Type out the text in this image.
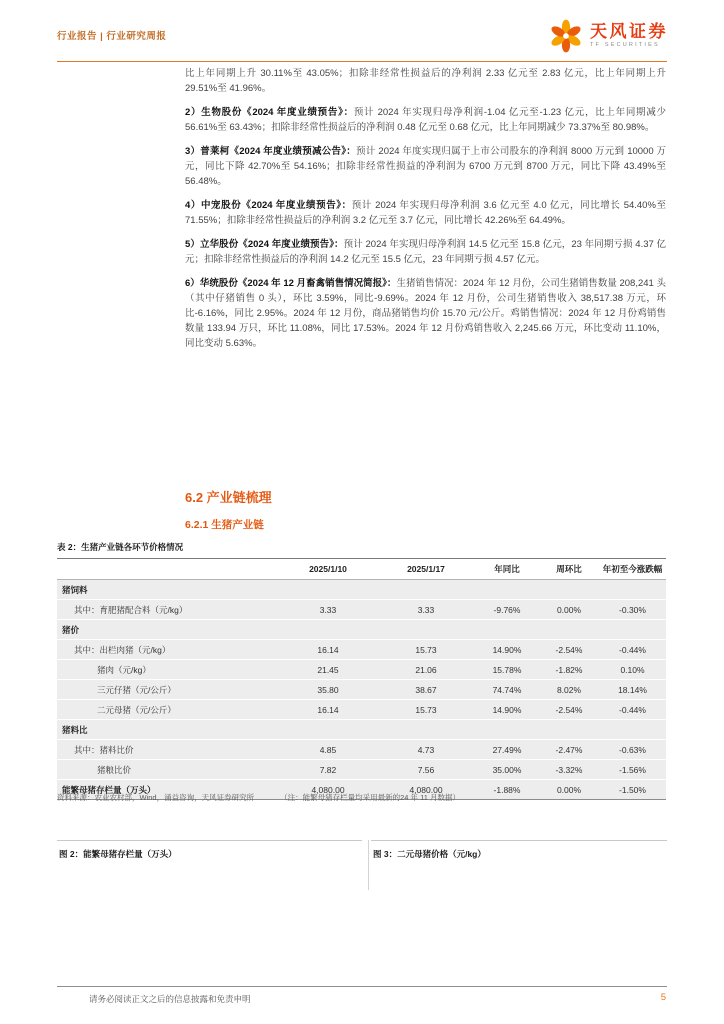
行业报告 | 行业研究周报	天风证券
TF SECURITIES

比上年同期上升 30.11%至 43.05%；扣除非经常性损益后的净利润 2.33 亿元至 2.83 亿元，比上年同期上升 29.51%至 41.96%。

2）生物股份《2024 年度业绩预告》：预计 2024 年实现归母净利润-1.04 亿元至-1.23 亿元，比上年同期减少 56.61%至 63.43%；扣除非经常性损益后的净利润 0.48 亿元至 0.68 亿元，比上年同期减少 73.37%至 80.98%。

3）普莱柯《2024 年度业绩预减公告》：预计 2024 年度实现归属于上市公司股东的净利润 8000 万元到 10000 万元，同比下降 42.70%至 54.16%；扣除非经常性损益的净利润为 6700 万元到 8700 万元，同比下降 43.49%至 56.48%。

4）中宠股份《2024 年度业绩预告》：预计 2024 年实现归母净利润 3.6 亿元至 4.0 亿元，同比增长 54.40%至 71.55%；扣除非经常性损益后的净利润 3.2 亿元至 3.7 亿元，同比增长 42.26%至 64.49%。

5）立华股份《2024 年度业绩预告》：预计 2024 年实现归母净利润 14.5 亿元至 15.8 亿元，23 年同期亏损 4.37 亿元；扣除非经常性损益后的净利润 14.2 亿元至 15.5 亿元，23 年同期亏损 4.57 亿元。

6）华统股份《2024 年 12 月畜禽销售情况简报》：生猪销售情况：2024 年 12 月份，公司生猪销售数量 208,241 头（其中仔猪销售 0 头），环比 3.59%，同比-9.69%。2024 年 12 月份，公司生猪销售收入 38,517.38 万元，环比-6.16%，同比 2.95%。2024 年 12 月份，商品猪销售均价 15.70 元/公斤。鸡销售情况：2024 年 12 月份鸡销售数量 133.94 万只，环比 11.08%，同比 17.53%。2024 年 12 月份鸡销售收入 2,245.66 万元，环比变动 11.10%，同比变动 5.63%。

6.2 产业链梳理
6.2.1 生猪产业链
表 2：生猪产业链各环节价格情况
	2025/1/10	2025/1/17	年同比	周环比	年初至今涨跌幅
猪饲料					
其中：育肥猪配合料（元/kg）	3.33	3.33	-9.76%	0.00%	-0.30%
猪价					
其中：出栏肉猪（元/kg）	16.14	15.73	14.90%	-2.54%	-0.44%
猪肉（元/kg）	21.45	21.06	15.78%	-1.82%	0.10%
三元仔猪（元/公斤）	35.80	38.67	74.74%	8.02%	18.14%
二元母猪（元/公斤）	16.14	15.73	14.90%	-2.54%	-0.44%
猪料比					
其中：猪料比价	4.85	4.73	27.49%	-2.47%	-0.63%
猪粮比价	7.82	7.56	35.00%	-3.32%	-1.56%
能繁母猪存栏量（万头）	4,080.00	4,080.00	-1.88%	0.00%	-1.50%
资料来源：农业农村部，Wind，涌益咨询，天风证券研究所	（注：能繁母猪存栏量均采用最新的24 年 11 月数据）
图 2：能繁母猪存栏量（万头）	图 3：二元母猪价格（元/kg）
请务必阅读正文之后的信息披露和免责申明	5
